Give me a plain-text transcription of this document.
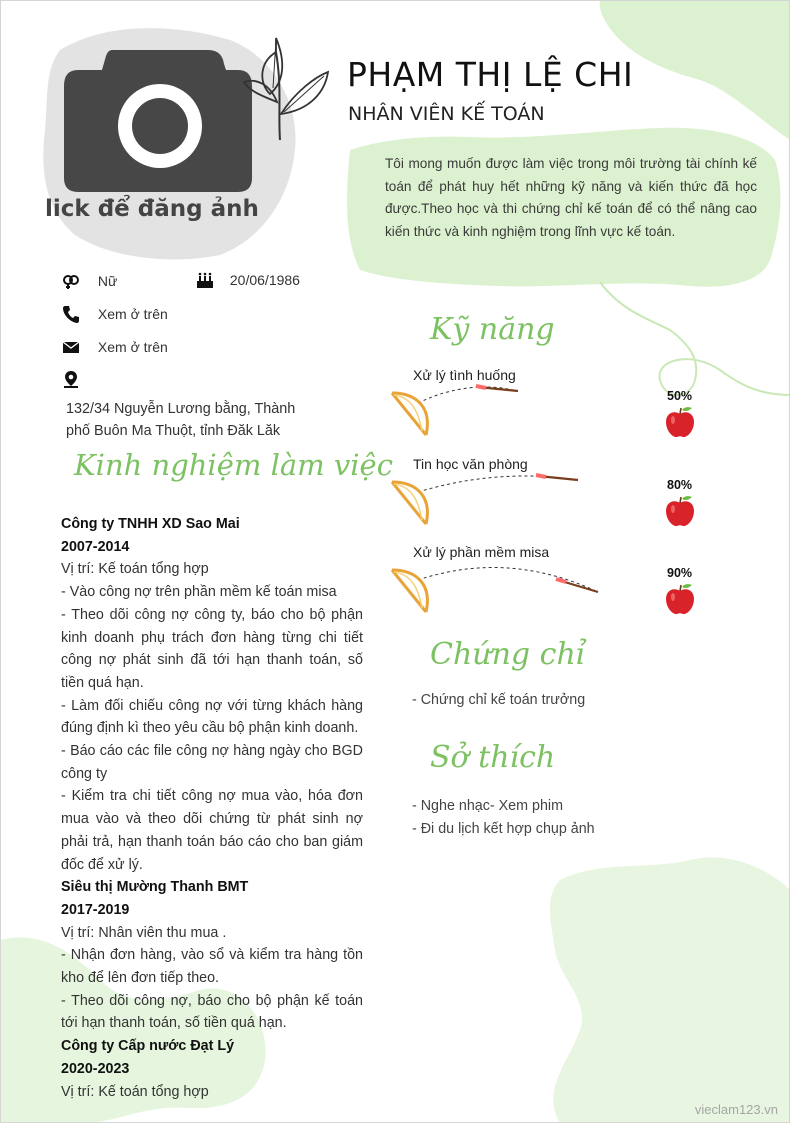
lick để đăng ảnh
PHẠM THỊ LỆ CHI
NHÂN VIÊN KẾ TOÁN
Tôi mong muốn được làm việc trong môi trường tài chính kế toán để phát huy hết những kỹ năng và kiến thức đã học được.Theo học và thi chứng chỉ kế toán để có thể nâng cao kiến thức và kinh nghiệm trong lĩnh vực kế toán.
Nữ	20/06/1986
Xem ở trên
Xem ở trên
132/34 Nguyễn Lương bằng, Thành
phố Buôn Ma Thuột, tỉnh Đăk Lăk
Kinh nghiệm làm việc
Công ty TNHH XD Sao Mai
2007-2014
Vị trí: Kế toán tổng hợp
- Vào công nợ trên phần mềm kế toán misa
- Theo dõi công nợ công ty, báo cho bộ phận kinh doanh phụ trách đơn hàng từng chi tiết công nợ phát sinh đã tới hạn thanh toán, số tiền quá hạn.
- Làm đối chiếu công nợ với từng khách hàng đúng định kì theo yêu cầu bộ phận kinh doanh.
- Báo cáo các file công nợ hàng ngày cho BGD công ty
- Kiểm tra chi tiết công nợ mua vào, hóa đơn mua vào và theo dõi chứng từ phát sinh nợ phải trả, hạn thanh toán báo cáo cho ban giám đốc để xử lý.
Siêu thị Mường Thanh BMT
2017-2019
Vị trí: Nhân viên thu mua .
- Nhận đơn hàng, vào sổ và kiểm tra hàng tồn kho để lên đơn tiếp theo.
- Theo dõi công nợ, báo cho bộ phận kế toán tới hạn thanh toán, số tiền quá hạn.
Công ty Cấp nước Đạt Lý
2020-2023
Vị trí: Kế toán tổng hợp
Kỹ năng
Xử lý tình huống
50%
Tin học văn phòng
80%
Xử lý phần mềm misa
90%
Chứng chỉ
- Chứng chỉ kế toán trưởng
Sở thích
- Nghe nhạc- Xem phim
- Đi du lịch kết hợp chụp ảnh
vieclam123.vn
